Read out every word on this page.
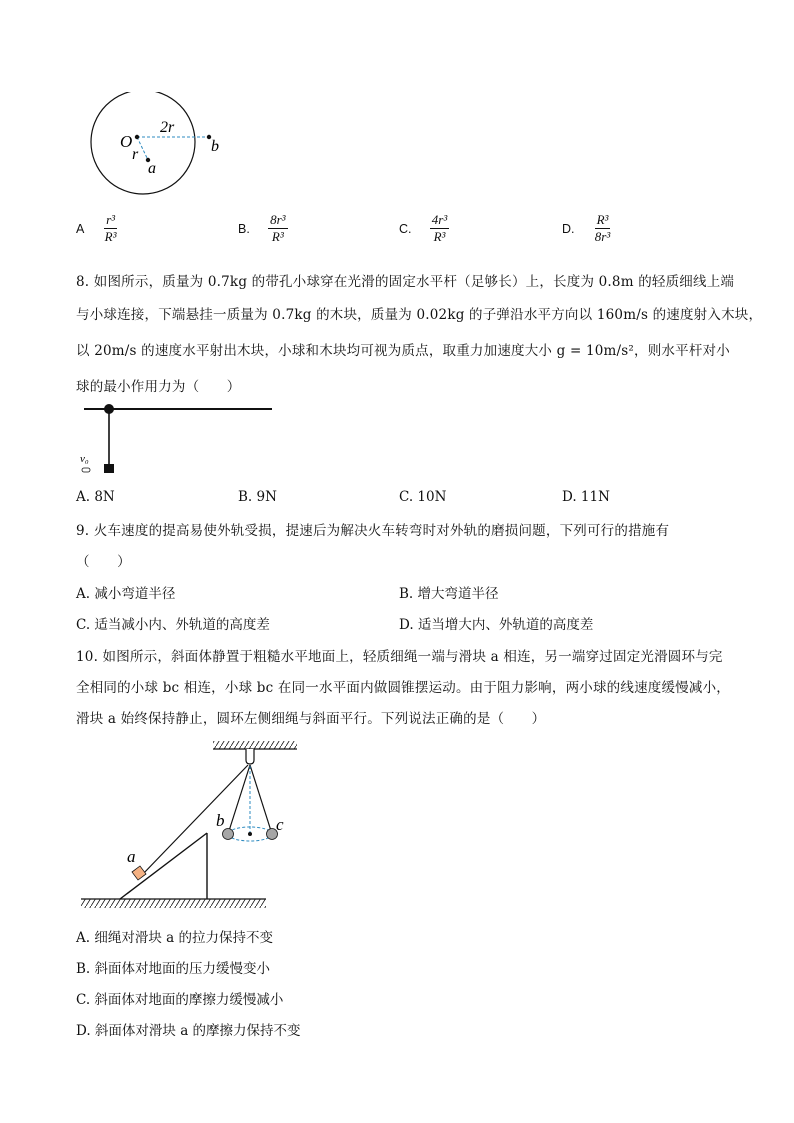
O
2r
r
a
b
A $\frac{\text{r³}}{\text{R³}}$	B. $\frac{\text{8r³}}{\text{R³}}$	C. $\frac{\text{4r³}}{\text{R³}}$	D. $\frac{\text{R³}}{\text{8r³}}$
8. 如图所示，质量为 0.7kg 的带孔小球穿在光滑的固定水平杆（足够长）上，长度为 0.8m 的轻质细线上端
与小球连接，下端悬挂一质量为 0.7kg 的木块，质量为 0.02kg 的子弹沿水平方向以 160m/s 的速度射入木块，
以 20m/s 的速度水平射出木块，小球和木块均可视为质点，取重力加速度大小 g = 10m/s²，则水平杆对小
球的最小作用力为（　　）
v₀
A. 8N	B. 9N	C. 10N	D. 11N
9. 火车速度的提高易使外轨受损，提速后为解决火车转弯时对外轨的磨损问题，下列可行的措施有
（　　）
A. 减小弯道半径	B. 增大弯道半径
C. 适当减小内、外轨道的高度差	D. 适当增大内、外轨道的高度差
10. 如图所示，斜面体静置于粗糙水平地面上，轻质细绳一端与滑块 a 相连，另一端穿过固定光滑圆环与完
全相同的小球 bc 相连，小球 bc 在同一水平面内做圆锥摆运动。由于阻力影响，两小球的线速度缓慢减小，
滑块 a 始终保持静止，圆环左侧细绳与斜面平行。下列说法正确的是（　　）
a
b	c
A. 细绳对滑块 a 的拉力保持不变
B. 斜面体对地面的压力缓慢变小
C. 斜面体对地面的摩擦力缓慢减小
D. 斜面体对滑块 a 的摩擦力保持不变
